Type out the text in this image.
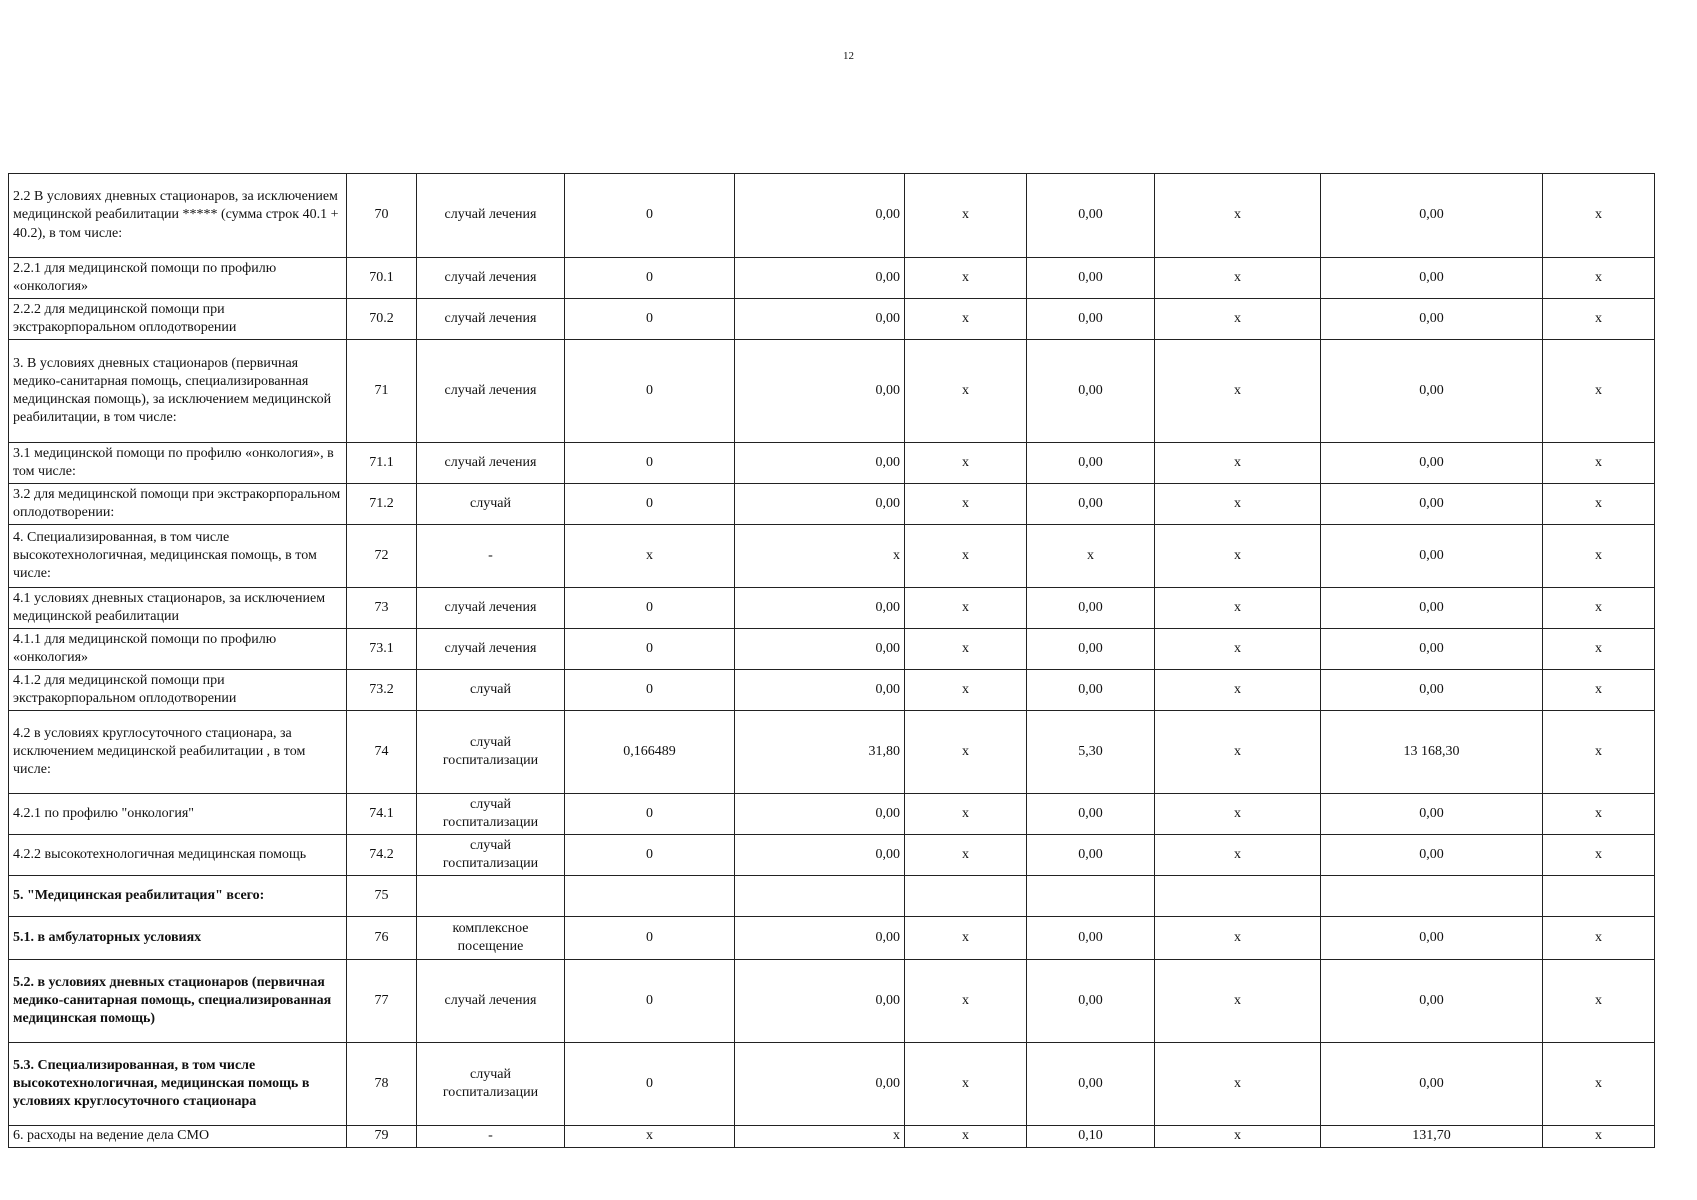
12
2.2 В условиях дневных стационаров, за исключением медицинской реабилитации ***** (сумма строк 40.1 + 40.2), в том числе:	70	случай лечения	0	0,00	х	0,00	х	0,00	х
2.2.1 для медицинской помощи по профилю «онкология»	70.1	случай лечения	0	0,00	х	0,00	х	0,00	х
2.2.2 для медицинской помощи при экстракорпоральном оплодотворении	70.2	случай лечения	0	0,00	х	0,00	х	0,00	х
3. В условиях дневных стационаров (первичная медико-санитарная помощь, специализированная медицинская помощь), за исключением медицинской реабилитации, в том числе:	71	случай лечения	0	0,00	х	0,00	х	0,00	х
3.1 медицинской помощи по профилю «онкология», в том числе:	71.1	случай лечения	0	0,00	х	0,00	х	0,00	х
3.2 для медицинской помощи при экстракорпоральном оплодотворении:	71.2	случай	0	0,00	х	0,00	х	0,00	х
4. Специализированная, в том числе высокотехнологичная, медицинская помощь, в том числе:	72	-	х	х	х	х	х	0,00	х
4.1 условиях дневных стационаров, за исключением медицинской реабилитации	73	случай лечения	0	0,00	х	0,00	х	0,00	х
4.1.1 для медицинской помощи по профилю «онкология»	73.1	случай лечения	0	0,00	х	0,00	х	0,00	х
4.1.2 для медицинской помощи при экстракорпоральном оплодотворении	73.2	случай	0	0,00	х	0,00	х	0,00	х
4.2 в условиях круглосуточного стационара, за исключением медицинской реабилитации , в том числе:	74	случай госпитализации	0,166489	31,80	х	5,30	х	13 168,30	х
4.2.1 по профилю "онкология"	74.1	случай госпитализации	0	0,00	х	0,00	х	0,00	х
4.2.2 высокотехнологичная медицинская помощь	74.2	случай госпитализации	0	0,00	х	0,00	х	0,00	х
5. "Медицинская реабилитация" всего:	75								
5.1. в амбулаторных условиях	76	комплексное посещение	0	0,00	х	0,00	х	0,00	х
5.2. в условиях дневных стационаров (первичная медико-санитарная помощь, специализированная медицинская помощь)	77	случай лечения	0	0,00	х	0,00	х	0,00	х
5.3. Специализированная, в том числе высокотехнологичная, медицинская помощь в условиях круглосуточного стационара	78	случай госпитализации	0	0,00	х	0,00	х	0,00	х
6. расходы на ведение дела СМО	79	-	х	х	х	0,10	х	131,70	х
